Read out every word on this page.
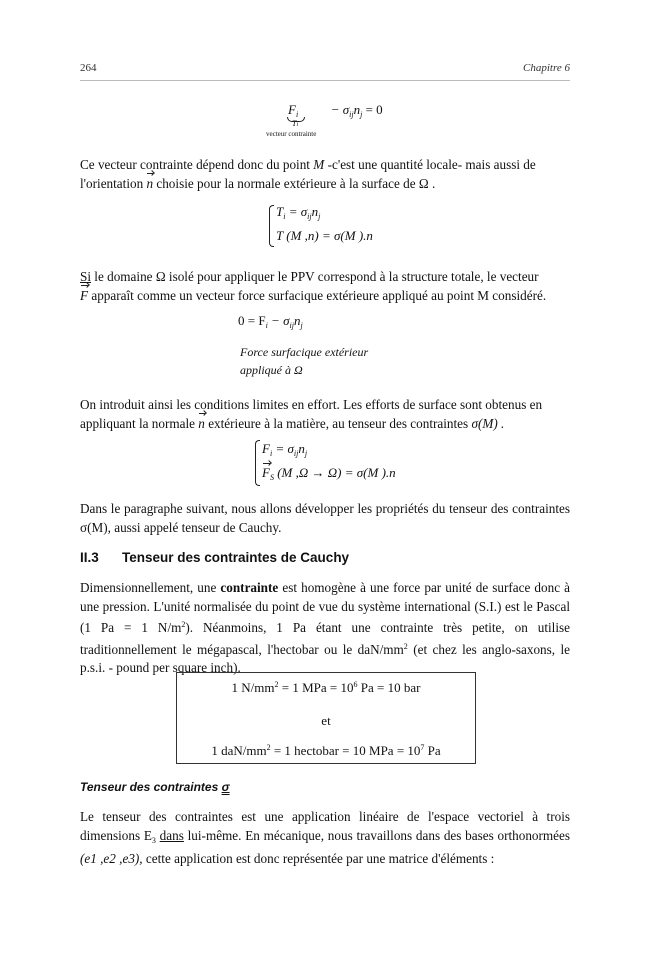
264	Chapitre 6
$F_i$	− $\sigma_{ij}n_j = 0$
Ti
vecteur contrainte
Ce vecteur contrainte dépend donc du point M -c'est une quantité locale- mais aussi de
l'orientation n choisie pour la normale extérieure à la surface de Ω .
$T_i = \sigma_{ij}n_j$
T (M ,n) = σ(M ).n
Si le domaine Ω isolé pour appliquer le PPV correspond à la structure totale, le vecteur
F apparaît comme un vecteur force surfacique extérieure appliqué au point M considéré.
$0 = F_i - \sigma_{ij}n_j$
Force surfacique extérieur
appliqué à Ω
On introduit ainsi les conditions limites en effort. Les efforts de surface sont obtenus en
appliquant la normale n extérieure à la matière, au tenseur des contraintes σ(M) .
$F_i = \sigma_{ij}n_j$
$F_S$ (M ,Ω → Ω) = σ(M ).n
Dans le paragraphe suivant, nous allons développer les propriétés du tenseur des contraintes σ(M), aussi appelé tenseur de Cauchy.
II.3 Tenseur des contraintes de Cauchy
Dimensionnellement, une contrainte est homogène à une force par unité de surface donc à une pression. L'unité normalisée du point de vue du système international (S.I.) est le Pascal (1 Pa = 1 $N/m^2$). Néanmoins, 1 Pa étant une contrainte très petite, on utilise traditionnellement le mégapascal, l'hectobar ou le daN/$mm^2$ (et chez les anglo-saxons, le p.s.i. - pound per square inch).
1 $N/mm^2 = 1$ MPa = $10^6$ Pa = 10 bar
et
1 daN/$mm^2 = 1$ hectobar = 10 MPa = $10^7$ Pa
Tenseur des contraintes σ
Le tenseur des contraintes est une application linéaire de l'espace vectoriel à trois dimensions $E_3$ dans lui-même. En mécanique, nous travaillons dans des bases orthonormées (e1 ,e2 ,e3), cette application est donc représentée par une matrice d'éléments :
